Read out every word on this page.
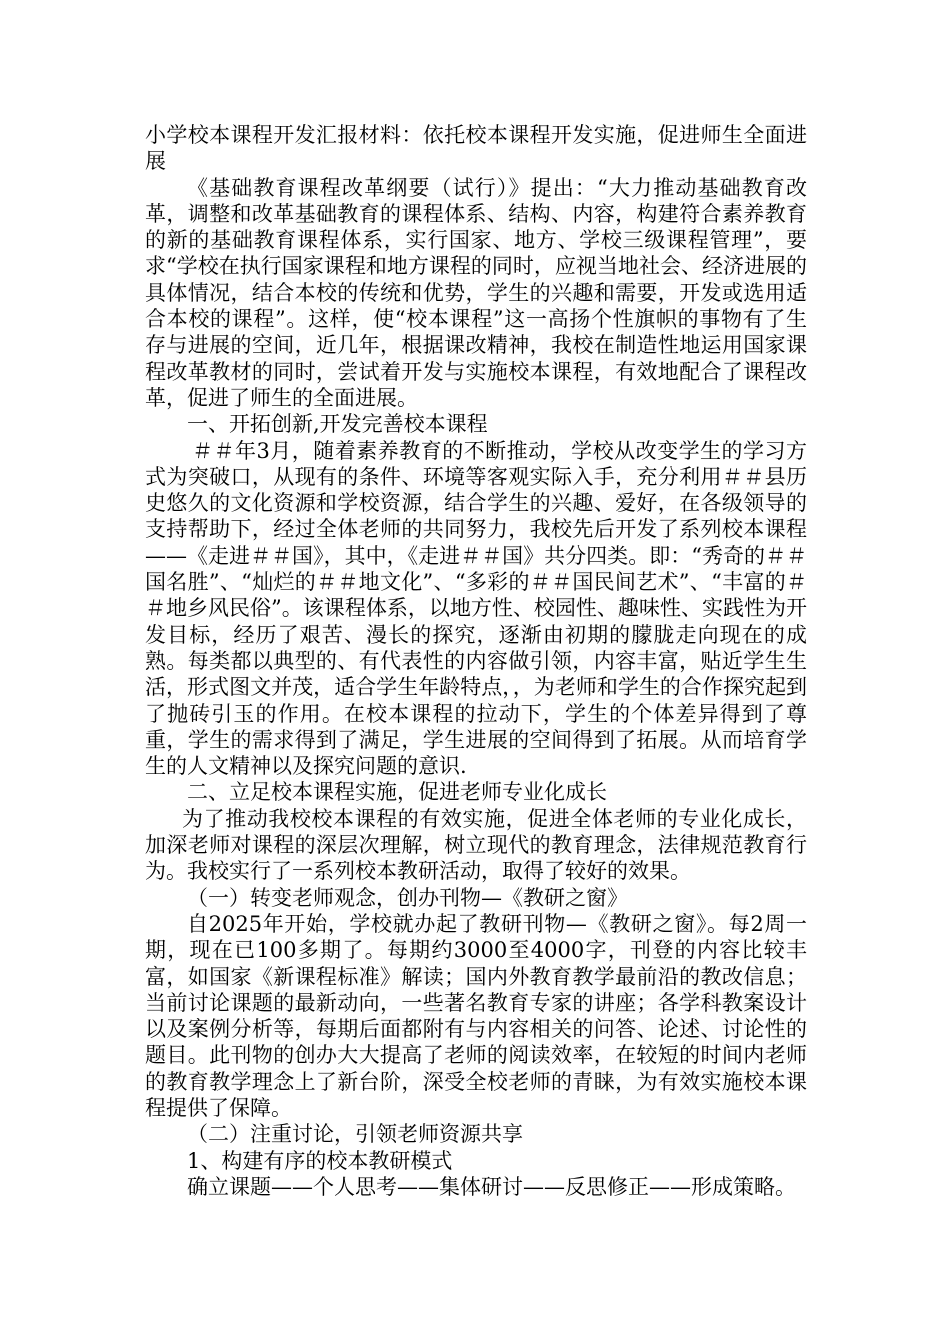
小学校本课程开发汇报材料：依托校本课程开发实施，促进师生全面进展

《基础教育课程改革纲要（试行）》提出：“大力推动基础教育改革，调整和改革基础教育的课程体系、结构、内容，构建符合素养教育的新的基础教育课程体系，实行国家、地方、学校三级课程管理”，要求“学校在执行国家课程和地方课程的同时，应视当地社会、经济进展的具体情况，结合本校的传统和优势，学生的兴趣和需要，开发或选用适合本校的课程”。这样，使“校本课程”这一高扬个性旗帜的事物有了生存与进展的空间，近几年，根据课改精神，我校在制造性地运用国家课程改革教材的同时，尝试着开发与实施校本课程，有效地配合了课程改革，促进了师生的全面进展。

一、开拓创新,开发完善校本课程

＃＃年3月，随着素养教育的不断推动，学校从改变学生的学习方式为突破口，从现有的条件、环境等客观实际入手，充分利用＃＃县历史悠久的文化资源和学校资源，结合学生的兴趣、爱好，在各级领导的支持帮助下，经过全体老师的共同努力，我校先后开发了系列校本课程——《走进＃＃国》，其中，《走进＃＃国》共分四类。即：“秀奇的＃＃国名胜”、“灿烂的＃＃地文化”、“多彩的＃＃国民间艺术”、“丰富的＃＃地乡风民俗”。该课程体系，以地方性、校园性、趣味性、实践性为开发目标，经历了艰苦、漫长的探究，逐渐由初期的朦胧走向现在的成熟。每类都以典型的、有代表性的内容做引领，内容丰富，贴近学生生活，形式图文并茂，适合学生年龄特点，，为老师和学生的合作探究起到了抛砖引玉的作用。在校本课程的拉动下，学生的个体差异得到了尊重，学生的需求得到了满足，学生进展的空间得到了拓展。从而培育学生的人文精神以及探究问题的意识.

二、立足校本课程实施，促进老师专业化成长

为了推动我校校本课程的有效实施，促进全体老师的专业化成长，加深老师对课程的深层次理解，树立现代的教育理念，法律规范教育行为。我校实行了一系列校本教研活动，取得了较好的效果。

（一）转变老师观念，创办刊物—《教研之窗》

自2025年开始，学校就办起了教研刊物—《教研之窗》。每2周一期，现在已100多期了。每期约3000至4000字，刊登的内容比较丰富，如国家《新课程标准》解读；国内外教育教学最前沿的教改信息；当前讨论课题的最新动向，一些著名教育专家的讲座；各学科教案设计以及案例分析等，每期后面都附有与内容相关的问答、论述、讨论性的题目。此刊物的创办大大提高了老师的阅读效率，在较短的时间内老师的教育教学理念上了新台阶，深受全校老师的青睐，为有效实施校本课程提供了保障。

（二）注重讨论，引领老师资源共享

1、构建有序的校本教研模式

确立课题——个人思考——集体研讨——反思修正——形成策略。
